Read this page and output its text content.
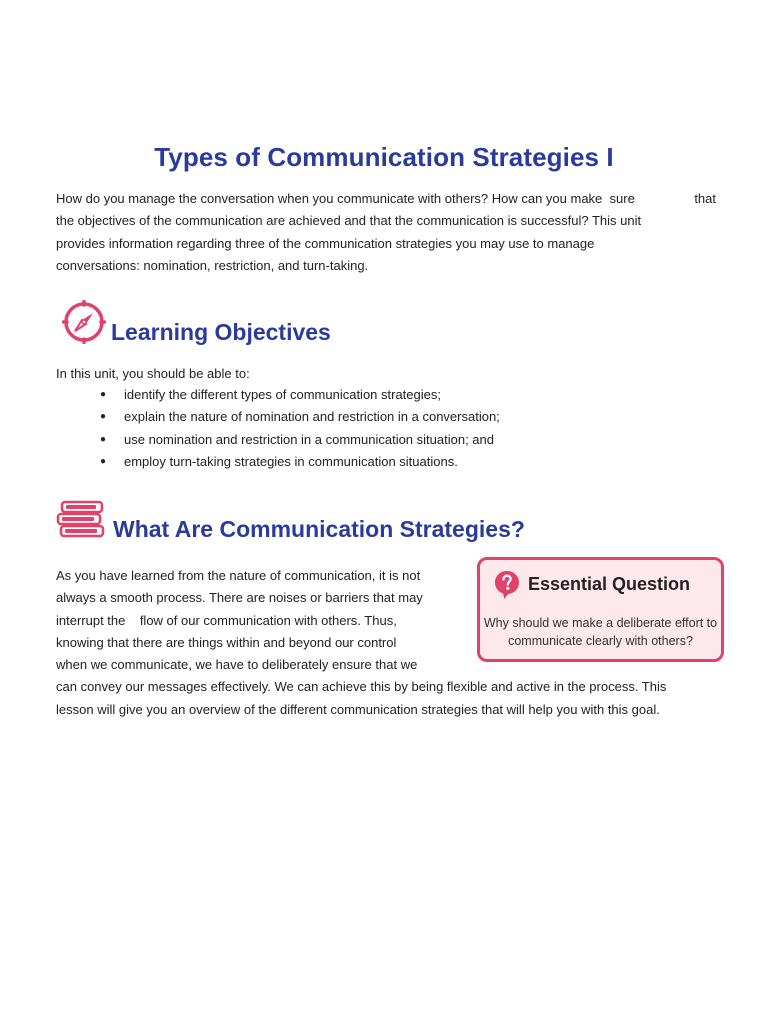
Types of Communication Strategies I

How do you manage the conversation when you communicate with others? How can you make  sure	that
the objectives of the communication are achieved and that the communication is successful? This unit
provides information regarding three of the communication strategies you may use to manage
conversations: nomination, restriction, and turn-taking.

Learning Objectives

In this unit, you should be able to:

●	identify the different types of communication strategies;
●	explain the nature of nomination and restriction in a conversation;
●	use nomination and restriction in a communication situation; and
●	employ turn-taking strategies in communication situations.
What Are Communication Strategies?

As you have learned from the nature of communication, it is not
always a smooth process. There are noises or barriers that may
interrupt the    flow of our communication with others. Thus,
knowing that there are things within and beyond our control
when we communicate, we have to deliberately ensure that we
can convey our messages effectively. We can achieve this by being flexible and active in the process. This
lesson will give you an overview of the different communication strategies that will help you with this goal.

Essential Question

Why should we make a deliberate effort to
communicate clearly with others?
